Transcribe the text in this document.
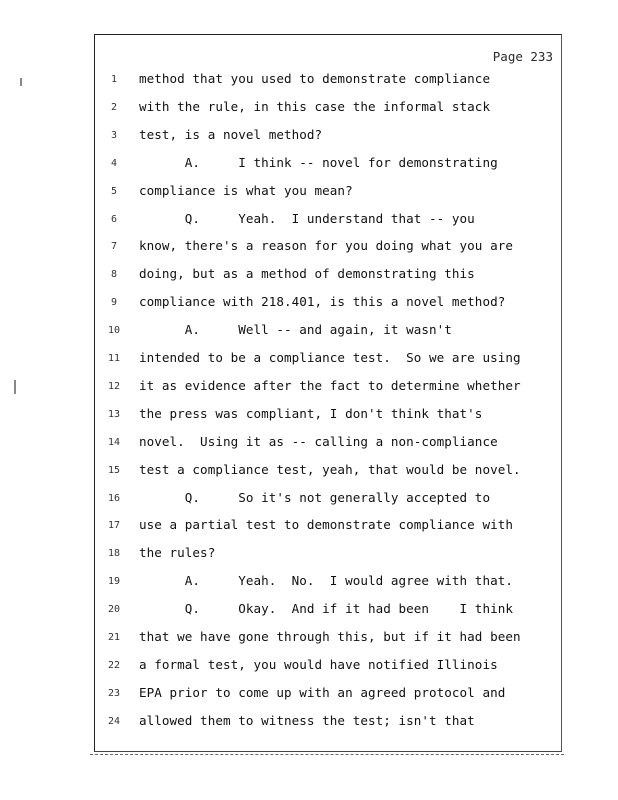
Page 233
1	method that you used to demonstrate compliance
2	with the rule, in this case the informal stack
3	test, is a novel method?
4	A.     I think -- novel for demonstrating
5	compliance is what you mean?
6	Q.     Yeah.  I understand that -- you
7	know, there's a reason for you doing what you are
8	doing, but as a method of demonstrating this
9	compliance with 218.401, is this a novel method?
10	A.     Well -- and again, it wasn't
11	intended to be a compliance test.  So we are using
12	it as evidence after the fact to determine whether
13	the press was compliant, I don't think that's
14	novel.  Using it as -- calling a non-compliance
15	test a compliance test, yeah, that would be novel.
16	Q.     So it's not generally accepted to
17	use a partial test to demonstrate compliance with
18	the rules?
19	A.     Yeah.  No.  I would agree with that.
20	Q.     Okay.  And if it had been    I think
21	that we have gone through this, but if it had been
22	a formal test, you would have notified Illinois
23	EPA prior to come up with an agreed protocol and
24	allowed them to witness the test; isn't that
